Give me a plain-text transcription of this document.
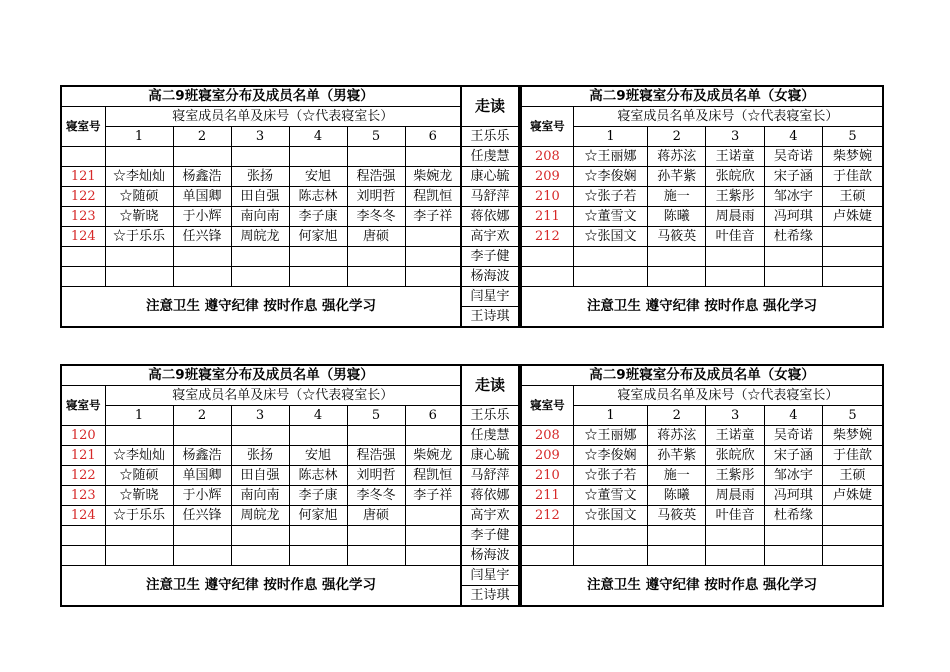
高二9班寝室分布及成员名单（男寝）						
寝室号	寝室成员名单及床号（☆代表寝室长）					
	1	2	3	4	5	6

121	☆李灿灿	杨鑫浩	张扬	安旭	程浩强	柴婉龙
122	☆随硕	单国卿	田自强	陈志林	刘明哲	程凯恒
123	☆靳晓	于小辉	南向南	李子康	李冬冬	李子祥
124	☆于乐乐	任兴锋	周皖龙	何家旭	唐硕	

注意卫生 遵守纪律 按时作息 强化学习						
走读
王乐乐
任虔慧
康心毓
马舒萍
蒋依娜
高宇欢
李子健
杨海波
闫星宇
王诗琪
高二9班寝室分布及成员名单（女寝）					
寝室号	寝室成员名单及床号（☆代表寝室长）				
	1	2	3	4	5
208	☆王丽娜	蒋苏泫	王诺童	吴奇诺	柴梦婉
209	☆李俊娴	孙芊紫	张皖欣	宋子涵	于佳歆
210	☆张子若	施一	王紫彤	邹冰宇	王硕
211	☆董雪文	陈曦	周晨雨	冯珂琪	卢姝婕
212	☆张国文	马筱英	叶佳音	杜希缘	

注意卫生 遵守纪律 按时作息 强化学习					
高二9班寝室分布及成员名单（男寝）						
寝室号	寝室成员名单及床号（☆代表寝室长）					
	1	2	3	4	5	6
120						
121	☆李灿灿	杨鑫浩	张扬	安旭	程浩强	柴婉龙
122	☆随硕	单国卿	田自强	陈志林	刘明哲	程凯恒
123	☆靳晓	于小辉	南向南	李子康	李冬冬	李子祥
124	☆于乐乐	任兴锋	周皖龙	何家旭	唐硕	

注意卫生 遵守纪律 按时作息 强化学习						
走读
王乐乐
任虔慧
康心毓
马舒萍
蒋依娜
高宇欢
李子健
杨海波
闫星宇
王诗琪
高二9班寝室分布及成员名单（女寝）					
寝室号	寝室成员名单及床号（☆代表寝室长）				
	1	2	3	4	5
208	☆王丽娜	蒋苏泫	王诺童	吴奇诺	柴梦婉
209	☆李俊娴	孙芊紫	张皖欣	宋子涵	于佳歆
210	☆张子若	施一	王紫彤	邹冰宇	王硕
211	☆董雪文	陈曦	周晨雨	冯珂琪	卢姝婕
212	☆张国文	马筱英	叶佳音	杜希缘	

注意卫生 遵守纪律 按时作息 强化学习					
